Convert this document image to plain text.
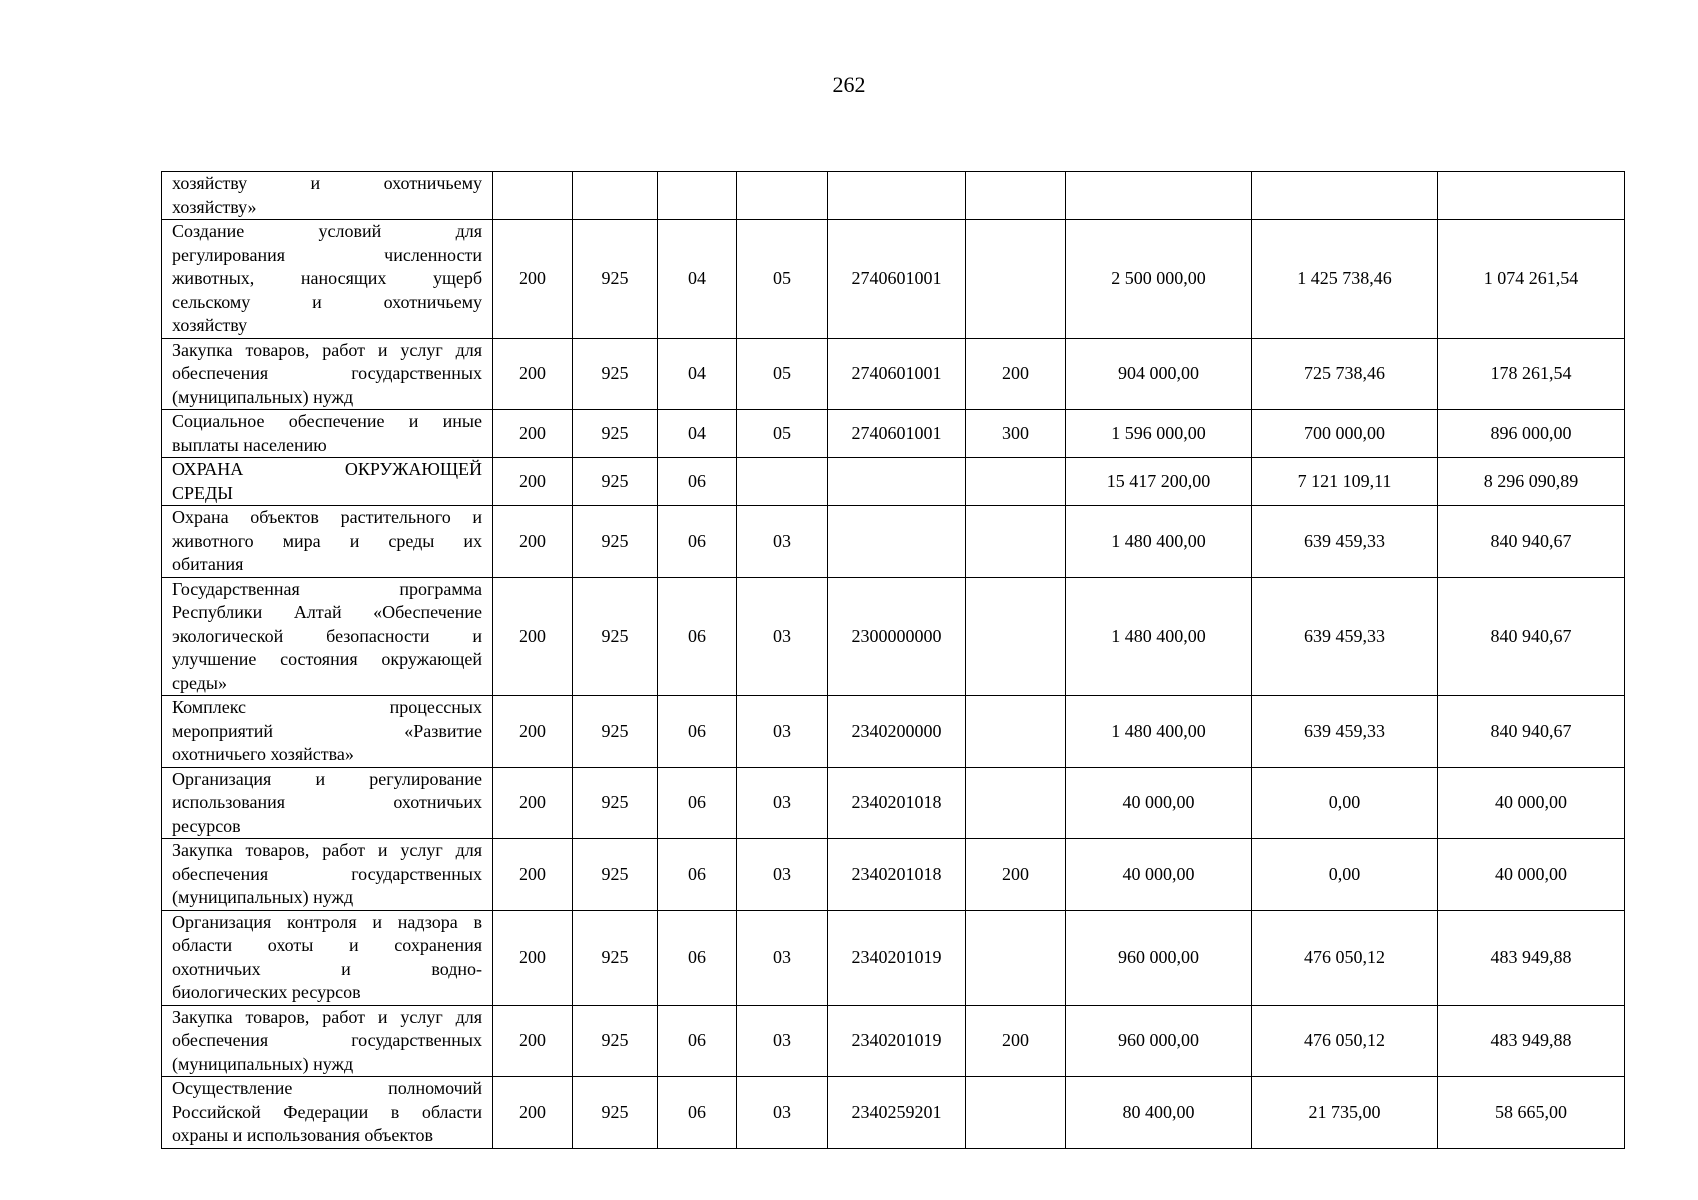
262
хозяйству и охотничьему
хозяйству»									

Создание условий для
регулирования численности
животных, наносящих ущерб
сельскому и охотничьему
хозяйству	200	925	04	05	2740601001		2 500 000,00	1 425 738,46	1 074 261,54

Закупка товаров, работ и услуг для
обеспечения государственных
(муниципальных) нужд	200	925	04	05	2740601001	200	904 000,00	725 738,46	178 261,54

Социальное обеспечение и иные
выплаты населению	200	925	04	05	2740601001	300	1 596 000,00	700 000,00	896 000,00

ОХРАНА ОКРУЖАЮЩЕЙ
СРЕДЫ	200	925	06				15 417 200,00	7 121 109,11	8 296 090,89

Охрана объектов растительного и
животного мира и среды их
обитания	200	925	06	03			1 480 400,00	639 459,33	840 940,67

Государственная программа
Республики Алтай «Обеспечение
экологической безопасности и
улучшение состояния окружающей
среды»	200	925	06	03	2300000000		1 480 400,00	639 459,33	840 940,67

Комплекс процессных
мероприятий «Развитие
охотничьего хозяйства»	200	925	06	03	2340200000		1 480 400,00	639 459,33	840 940,67

Организация и регулирование
использования охотничьих
ресурсов	200	925	06	03	2340201018		40 000,00	0,00	40 000,00

Закупка товаров, работ и услуг для
обеспечения государственных
(муниципальных) нужд	200	925	06	03	2340201018	200	40 000,00	0,00	40 000,00

Организация контроля и надзора в
области охоты и сохранения
охотничьих и водно-
биологических ресурсов	200	925	06	03	2340201019		960 000,00	476 050,12	483 949,88

Закупка товаров, работ и услуг для
обеспечения государственных
(муниципальных) нужд	200	925	06	03	2340201019	200	960 000,00	476 050,12	483 949,88

Осуществление полномочий
Российской Федерации в области
охраны и использования объектов	200	925	06	03	2340259201		80 400,00	21 735,00	58 665,00
